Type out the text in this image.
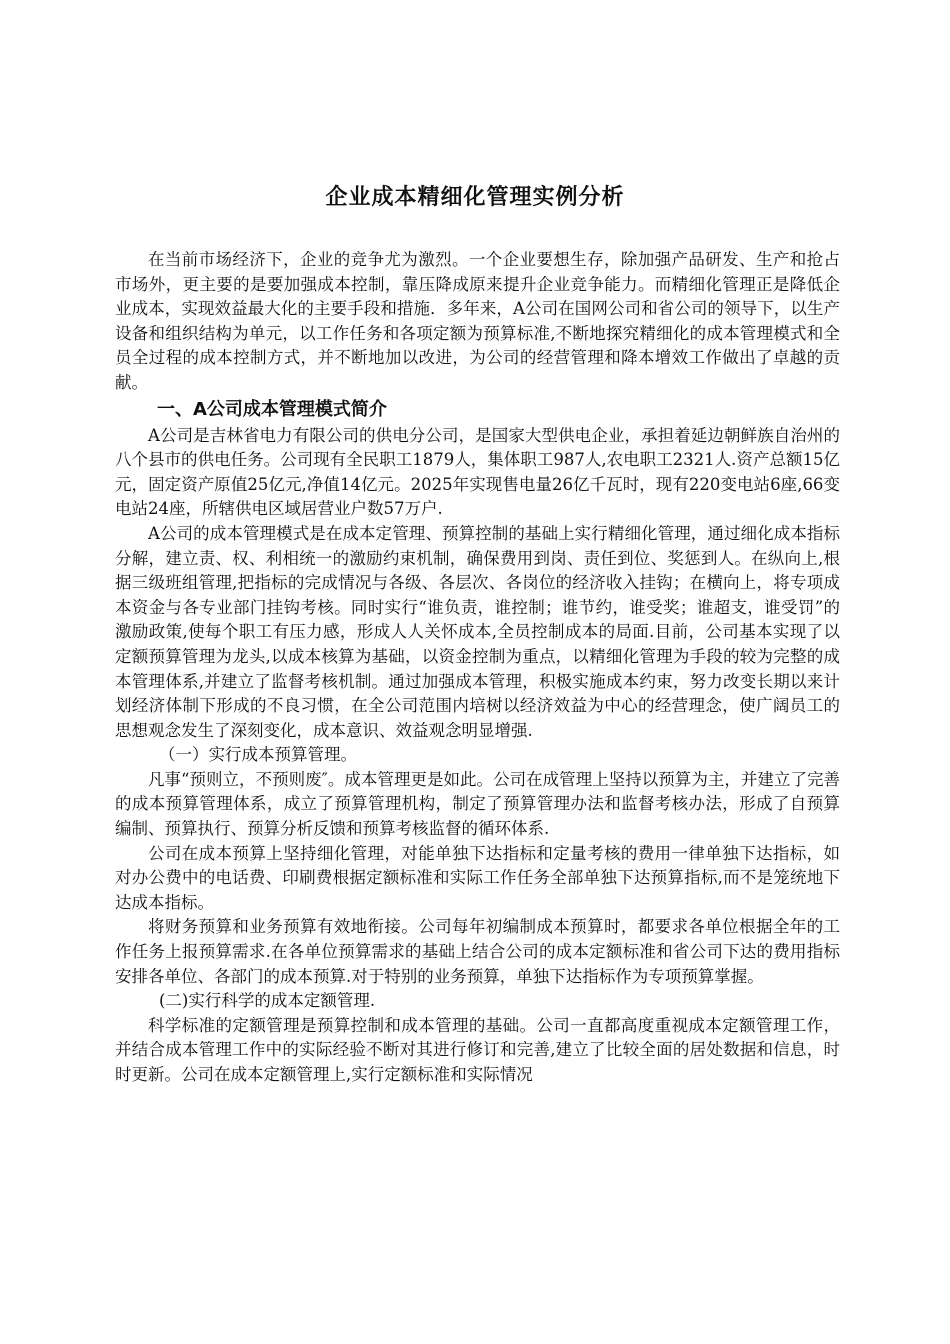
企业成本精细化管理实例分析

在当前市场经济下，企业的竞争尤为激烈。一个企业要想生存，除加强产品研发、生产和抢占市场外，更主要的是要加强成本控制，靠压降成原来提升企业竞争能力。而精细化管理正是降低企业成本，实现效益最大化的主要手段和措施．多年来，A公司在国网公司和省公司的领导下，以生产设备和组织结构为单元，以工作任务和各项定额为预算标准,不断地探究精细化的成本管理模式和全员全过程的成本控制方式，并不断地加以改进，为公司的经营管理和降本增效工作做出了卓越的贡献。

一、A公司成本管理模式简介

A公司是吉林省电力有限公司的供电分公司，是国家大型供电企业，承担着延边朝鲜族自治州的八个县市的供电任务。公司现有全民职工1879人，集体职工987人,农电职工2321人.资产总额15亿元，固定资产原值25亿元,净值14亿元。2025年实现售电量26亿千瓦时，现有220变电站6座,66变电站24座，所辖供电区域居营业户数57万户.

A公司的成本管理模式是在成本定管理、预算控制的基础上实行精细化管理，通过细化成本指标分解，建立责、权、利相统一的激励约束机制，确保费用到岗、责任到位、奖惩到人。在纵向上,根据三级班组管理,把指标的完成情况与各级、各层次、各岗位的经济收入挂钩；在横向上，将专项成本资金与各专业部门挂钩考核。同时实行“谁负责，谁控制；谁节约，谁受奖；谁超支，谁受罚”的激励政策,使每个职工有压力感，形成人人关怀成本,全员控制成本的局面.目前，公司基本实现了以定额预算管理为龙头,以成本核算为基础，以资金控制为重点，以精细化管理为手段的较为完整的成本管理体系,并建立了监督考核机制。通过加强成本管理，积极实施成本约束，努力改变长期以来计划经济体制下形成的不良习惯，在全公司范围内培树以经济效益为中心的经营理念，使广阔员工的思想观念发生了深刻变化，成本意识、效益观念明显增强.

（一）实行成本预算管理。

凡事“预则立，不预则废″。成本管理更是如此。公司在成管理上坚持以预算为主，并建立了完善的成本预算管理体系，成立了预算管理机构，制定了预算管理办法和监督考核办法，形成了自预算编制、预算执行、预算分析反馈和预算考核监督的循环体系.

公司在成本预算上坚持细化管理，对能单独下达指标和定量考核的费用一律单独下达指标，如对办公费中的电话费、印刷费根据定额标准和实际工作任务全部单独下达预算指标,而不是笼统地下达成本指标。

将财务预算和业务预算有效地衔接。公司每年初编制成本预算时，都要求各单位根据全年的工作任务上报预算需求.在各单位预算需求的基础上结合公司的成本定额标准和省公司下达的费用指标安排各单位、各部门的成本预算.对于特别的业务预算，单独下达指标作为专项预算掌握。

(二)实行科学的成本定额管理.

科学标准的定额管理是预算控制和成本管理的基础。公司一直都高度重视成本定额管理工作，并结合成本管理工作中的实际经验不断对其进行修订和完善,建立了比较全面的居处数据和信息，时时更新。公司在成本定额管理上,实行定额标准和实际情况
